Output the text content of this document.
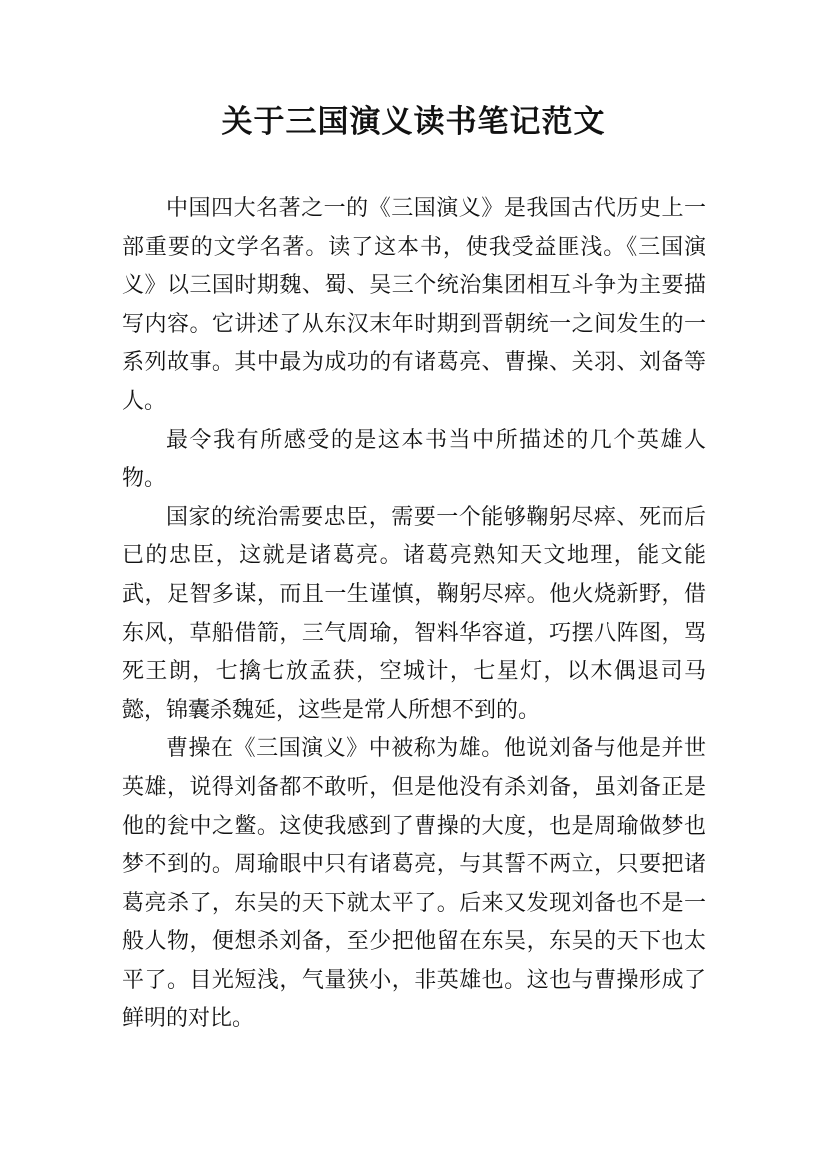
关于三国演义读书笔记范文

中国四大名著之一的《三国演义》是我国古代历史上一部重要的文学名著。读了这本书，使我受益匪浅。《三国演义》以三国时期魏、蜀、吴三个统治集团相互斗争为主要描写内容。它讲述了从东汉末年时期到晋朝统一之间发生的一系列故事。其中最为成功的有诸葛亮、曹操、关羽、刘备等人。

最令我有所感受的是这本书当中所描述的几个英雄人物。

国家的统治需要忠臣，需要一个能够鞠躬尽瘁、死而后已的忠臣，这就是诸葛亮。诸葛亮熟知天文地理，能文能武，足智多谋，而且一生谨慎，鞠躬尽瘁。他火烧新野，借东风，草船借箭，三气周瑜，智料华容道，巧摆八阵图，骂死王朗，七擒七放孟获，空城计，七星灯，以木偶退司马懿，锦囊杀魏延，这些是常人所想不到的。

曹操在《三国演义》中被称为雄。他说刘备与他是并世英雄，说得刘备都不敢听，但是他没有杀刘备，虽刘备正是他的瓮中之鳖。这使我感到了曹操的大度，也是周瑜做梦也梦不到的。周瑜眼中只有诸葛亮，与其誓不两立，只要把诸葛亮杀了，东吴的天下就太平了。后来又发现刘备也不是一般人物，便想杀刘备，至少把他留在东吴，东吴的天下也太平了。目光短浅，气量狭小，非英雄也。这也与曹操形成了鲜明的对比。
